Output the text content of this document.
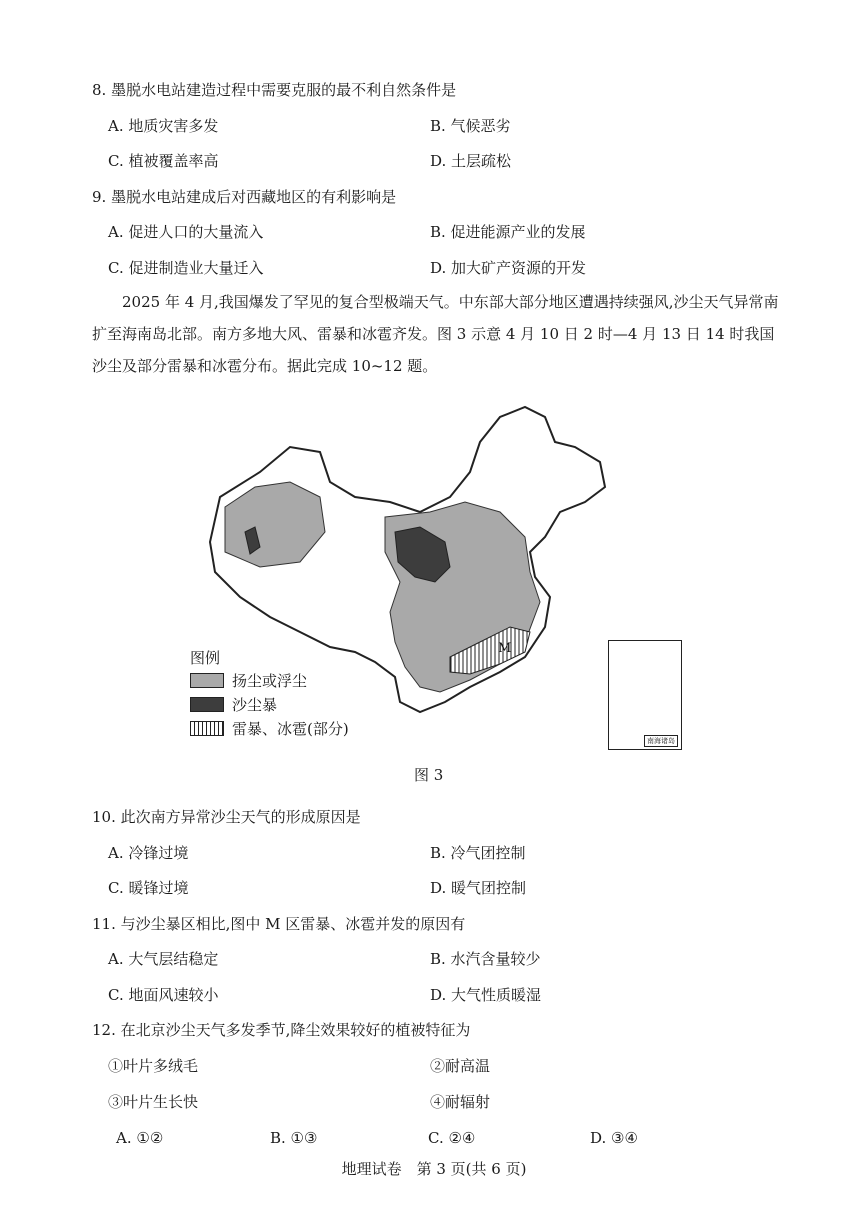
8. 墨脱水电站建造过程中需要克服的最不利自然条件是
A. 地质灾害多发	B. 气候恶劣
C. 植被覆盖率高	D. 土层疏松
9. 墨脱水电站建成后对西藏地区的有利影响是
A. 促进人口的大量流入	B. 促进能源产业的发展
C. 促进制造业大量迁入	D. 加大矿产资源的开发
2025 年 4 月,我国爆发了罕见的复合型极端天气。中东部大部分地区遭遇持续强风,沙尘天气异常南扩至海南岛北部。南方多地大风、雷暴和冰雹齐发。图 3 示意 4 月 10 日 2 时—4 月 13 日 14 时我国沙尘及部分雷暴和冰雹分布。据此完成 10~12 题。
M
图例
扬尘或浮尘
沙尘暴
雷暴、冰雹(部分)
南海诸岛
图 3
10. 此次南方异常沙尘天气的形成原因是
A. 冷锋过境	B. 冷气团控制
C. 暖锋过境	D. 暖气团控制
11. 与沙尘暴区相比,图中 M 区雷暴、冰雹并发的原因有
A. 大气层结稳定	B. 水汽含量较少
C. 地面风速较小	D. 大气性质暖湿
12. 在北京沙尘天气多发季节,降尘效果较好的植被特征为
①叶片多绒毛	②耐高温
③叶片生长快	④耐辐射
A. ①②	B. ①③	C. ②④	D. ③④
地理试卷　第 3 页(共 6 页)
